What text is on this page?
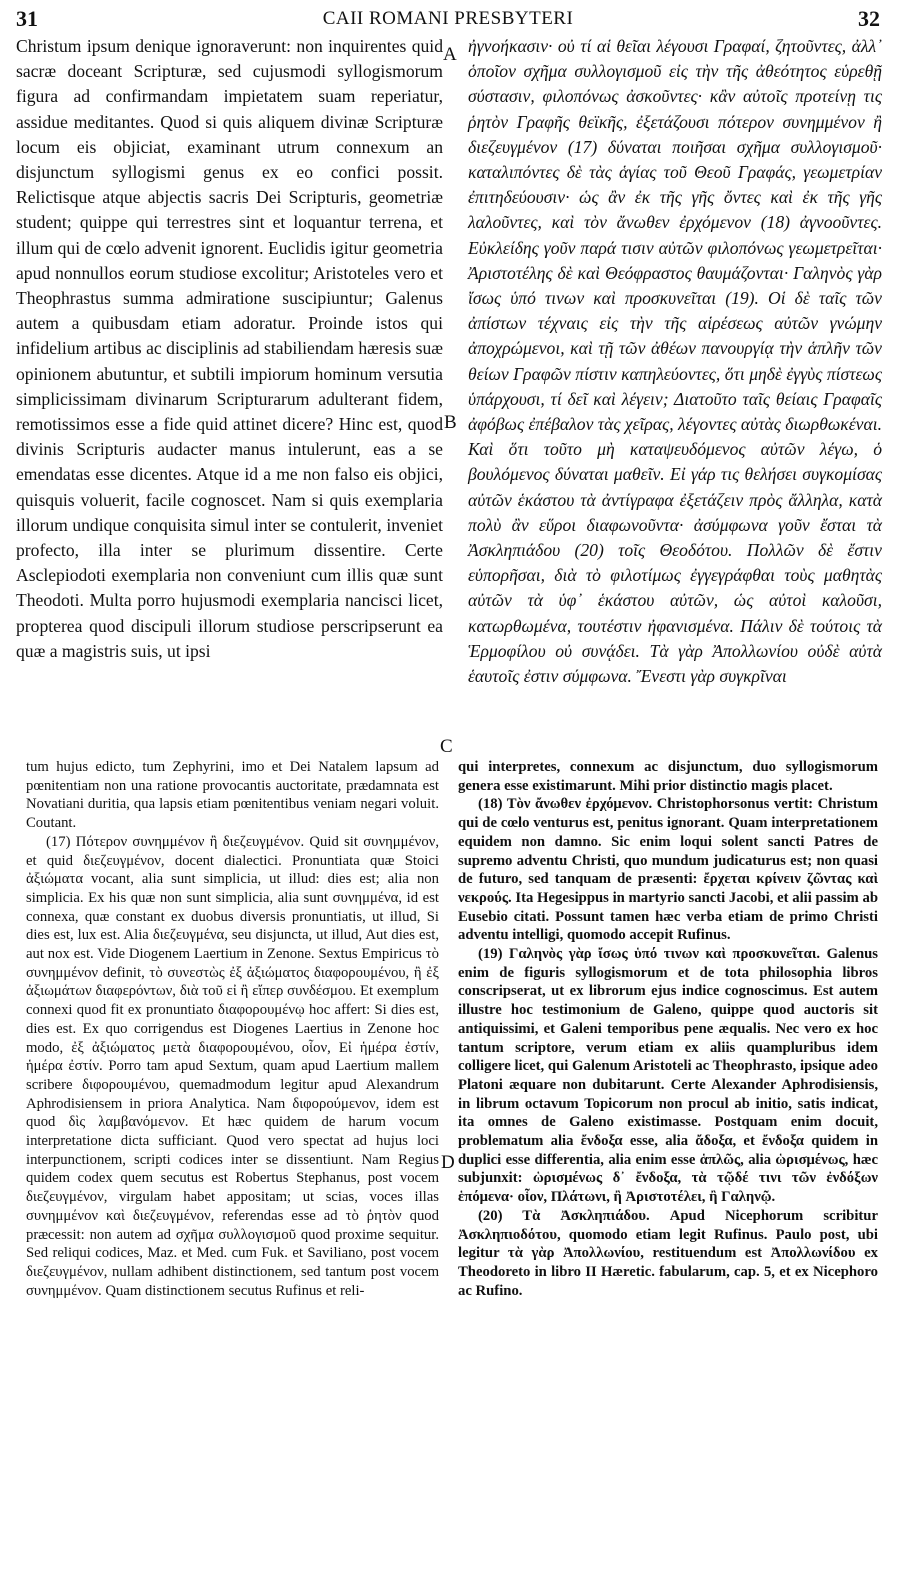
31	CAII ROMANI PRESBYTERI	32

Christum ipsum denique ignoraverunt: non inquirentes quid sacræ doceant Scripturæ, sed cujusmodi syllogismorum figura ad confirmandam impietatem suam reperiatur, assidue meditantes. Quod si quis aliquem divinæ Scripturæ locum eis objiciat, examinant utrum connexum an disjunctum syllogismi genus ex eo confici possit. Relictisque atque abjectis sacris Dei Scripturis, geometriæ student; quippe qui terrestres sint et loquantur terrena, et illum qui de cœlo advenit ignorent. Euclidis igitur geometria apud nonnullos eorum studiose excolitur; Aristoteles vero et Theophrastus summa admiratione suscipiuntur; Galenus autem a quibusdam etiam adoratur. Proinde istos qui infidelium artibus ac disciplinis ad stabiliendam hæresis suæ opinionem abutuntur, et subtili impiorum hominum versutia simplicissimam divinarum Scripturarum adulterant fidem, remotissimos esse a fide quid attinet dicere? Hinc est, quod divinis Scripturis audacter manus intulerunt, eas a se emendatas esse dicentes. Atque id a me non falso eis objici, quisquis voluerit, facile cognoscet. Nam si quis exemplaria illorum undique conquisita simul inter se contulerit, inveniet profecto, illa inter se plurimum dissentire. Certe Asclepiodoti exemplaria non conveniunt cum illis quæ sunt Theodoti. Multa porro hujusmodi exemplaria nancisci licet, propterea quod discipuli illorum studiose perscripserunt ea quæ a magistris suis, ut ipsi

A
B

ἠγνοήκασιν· οὐ τί αἱ θεῖαι λέγουσι Γραφαί, ζητοῦντες, ἀλλ᾽ ὁποῖον σχῆμα συλλογισμοῦ εἰς τὴν τῆς ἀθεότητος εὑρεθῇ σύστασιν, φιλοπόνως ἀσκοῦντες· κἂν αὐτοῖς προτείνῃ τις ῥητὸν Γραφῆς θεϊκῆς, ἐξετάζουσι πότερον συνημμένον ἢ διεζευγμένον (17) δύναται ποιῆσαι σχῆμα συλλογισμοῦ· καταλιπόντες δὲ τὰς ἁγίας τοῦ Θεοῦ Γραφάς, γεωμετρίαν ἐπιτηδεύουσιν· ὡς ἂν ἐκ τῆς γῆς ὄντες καὶ ἐκ τῆς γῆς λαλοῦντες, καὶ τὸν ἄνωθεν ἐρχόμενον (18) ἀγνοοῦντες. Εὐκλείδης γοῦν παρά τισιν αὐτῶν φιλοπόνως γεωμετρεῖται· Ἀριστοτέλης δὲ καὶ Θεόφραστος θαυμάζονται· Γαληνὸς γὰρ ἴσως ὑπό τινων καὶ προσκυνεῖται (19). Οἱ δὲ ταῖς τῶν ἀπίστων τέχναις εἰς τὴν τῆς αἱρέσεως αὐτῶν γνώμην ἀποχρώμενοι, καὶ τῇ τῶν ἀθέων πανουργίᾳ τὴν ἁπλῆν τῶν θείων Γραφῶν πίστιν καπηλεύοντες, ὅτι μηδὲ ἐγγὺς πίστεως ὑπάρχουσι, τί δεῖ καὶ λέγειν; Διατοῦτο ταῖς θείαις Γραφαῖς ἀφόβως ἐπέβαλον τὰς χεῖρας, λέγοντες αὐτὰς διωρθωκέναι. Καὶ ὅτι τοῦτο μὴ καταψευδόμενος αὐτῶν λέγω, ὁ βουλόμενος δύναται μαθεῖν. Εἰ γάρ τις θελήσει συγκομίσας αὐτῶν ἑκάστου τὰ ἀντίγραφα ἐξετάζειν πρὸς ἄλληλα, κατὰ πολὺ ἂν εὕροι διαφωνοῦντα· ἀσύμφωνα γοῦν ἔσται τὰ Ἀσκληπιάδου (20) τοῖς Θεοδότου. Πολλῶν δὲ ἔστιν εὑπορῆσαι, διὰ τὸ φιλοτίμως ἐγγεγράφθαι τοὺς μαθητὰς αὐτῶν τὰ ὑφ᾽ ἑκάστου αὐτῶν, ὡς αὐτοὶ καλοῦσι, κατωρθωμένα, τουτέστιν ἠφανισμένα. Πάλιν δὲ τούτοις τὰ Ἑρμοφίλου οὐ συνᾴδει. Τὰ γὰρ Ἀπολλωνίου οὐδὲ αὐτὰ ἑαυτοῖς ἐστιν σύμφωνα. Ἔνεστι γὰρ συγκρῖναι

C
D

tum hujus edicto, tum Zephyrini, imo et Dei Natalem lapsum ad pœnitentiam non una ratione provocantis auctoritate, prædamnata est Novatiani duritia, qua lapsis etiam pœnitentibus veniam negari voluit. Coutant.

(17) Πότερον συνημμένον ἢ διεζευγμένον. Quid sit συνημμένον, et quid διεζευγμένον, docent dialectici. Pronuntiata quæ Stoici ἀξιώματα vocant, alia sunt simplicia, ut illud: dies est; alia non simplicia. Ex his quæ non sunt simplicia, alia sunt συνημμένα, id est connexa, quæ constant ex duobus diversis pronuntiatis, ut illud, Si dies est, lux est. Alia διεζευγμένα, seu disjuncta, ut illud, Aut dies est, aut nox est. Vide Diogenem Laertium in Zenone. Sextus Empiricus τὸ συνημμένον definit, τὸ συνεστὼς ἐξ ἀξιώματος διαφορουμένου, ἢ ἐξ ἀξιωμάτων διαφερόντων, διὰ τοῦ εἰ ἢ εἴπερ συνδέσμου. Et exemplum connexi quod fit ex pronuntiato διαφορουμένῳ hoc affert: Si dies est, dies est. Ex quo corrigendus est Diogenes Laertius in Zenone hoc modo, ἐξ ἀξιώματος μετὰ διαφορουμένου, οἷον, Εἰ ἡμέρα ἐστίν, ἡμέρα ἐστίν. Porro tam apud Sextum, quam apud Laertium mallem scribere διφορουμένου, quemadmodum legitur apud Alexandrum Aphrodisiensem in priora Analytica. Nam διφορούμενον, idem est quod δὶς λαμβανόμενον. Et hæc quidem de harum vocum interpretatione dicta sufficiant. Quod vero spectat ad hujus loci interpunctionem, scripti codices inter se dissentiunt. Nam Regius quidem codex quem secutus est Robertus Stephanus, post vocem διεζευγμένον, virgulam habet appositam; ut scias, voces illas συνημμένον καὶ διεζευγμένον, referendas esse ad τὸ ῥητὸν quod præcessit: non autem ad σχῆμα συλλογισμοῦ quod proxime sequitur. Sed reliqui codices, Maz. et Med. cum Fuk. et Saviliano, post vocem διεζευγμένον, nullam adhibent distinctionem, sed tantum post vocem συνημμένον. Quam distinctionem secutus Rufinus et reli-

qui interpretes, connexum ac disjunctum, duo syllogismorum genera esse existimarunt. Mihi prior distinctio magis placet.

(18) Τὸν ἄνωθεν ἐρχόμενον. Christophorsonus vertit: Christum qui de cœlo venturus est, penitus ignorant. Quam interpretationem equidem non damno. Sic enim loqui solent sancti Patres de supremo adventu Christi, quo mundum judicaturus est; non quasi de futuro, sed tanquam de præsenti: ἔρχεται κρίνειν ζῶντας καὶ νεκρούς. Ita Hegesippus in martyrio sancti Jacobi, et alii passim ab Eusebio citati. Possunt tamen hæc verba etiam de primo Christi adventu intelligi, quomodo accepit Rufinus.

(19) Γαληνὸς γὰρ ἴσως ὑπό τινων καὶ προσκυνεῖται. Galenus enim de figuris syllogismorum et de tota philosophia libros conscripserat, ut ex librorum ejus indice cognoscimus. Est autem illustre hoc testimonium de Galeno, quippe quod auctoris sit antiquissimi, et Galeni temporibus pene æqualis. Nec vero ex hoc tantum scriptore, verum etiam ex aliis quampluribus idem colligere licet, qui Galenum Aristoteli ac Theophrasto, ipsique adeo Platoni æquare non dubitarunt. Certe Alexander Aphrodisiensis, in librum octavum Topicorum non procul ab initio, satis indicat, ita omnes de Galeno existimasse. Postquam enim docuit, problematum alia ἔνδοξα esse, alia ἄδοξα, et ἔνδοξα quidem in duplici esse differentia, alia enim esse ἁπλῶς, alia ὡρισμένως, hæc subjunxit: ὡρισμένως δ᾽ ἔνδοξα, τὰ τῷδέ τινι τῶν ἐνδόξων ἑπόμενα· οἷον, Πλάτωνι, ἢ Ἀριστοτέλει, ἢ Γαληνῷ.

(20) Τὰ Ἀσκληπιάδου. Apud Nicephorum scribitur Ἀσκληπιοδότου, quomodo etiam legit Rufinus. Paulo post, ubi legitur τὰ γὰρ Ἀπολλωνίου, restituendum est Ἀπολλωνίδου ex Theodoreto in libro II Hæretic. fabularum, cap. 5, et ex Nicephoro ac Rufino.
